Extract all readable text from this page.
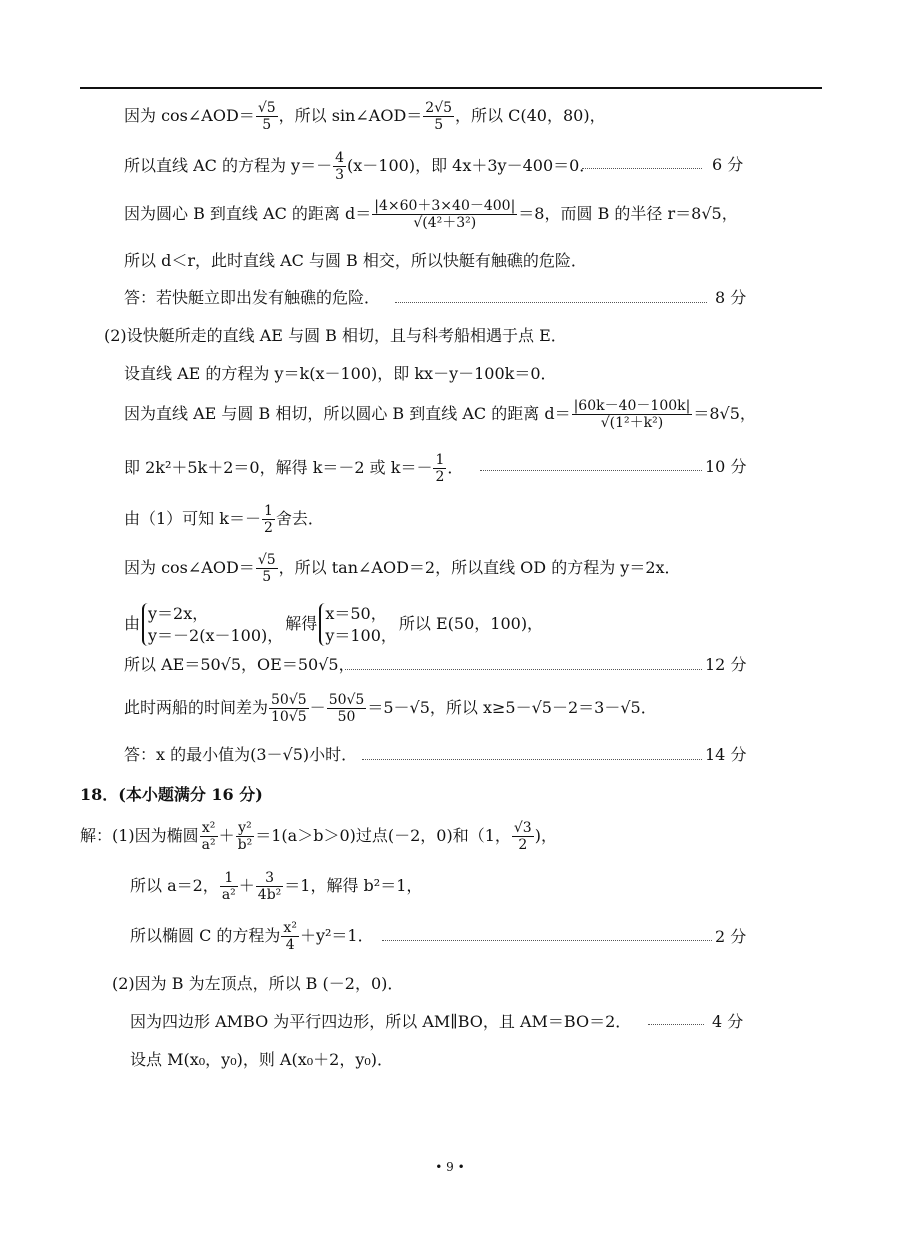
因为 cos∠AOD＝ $\frac{√5}{5}$ ，所以 sin∠AOD＝ $\frac{2√5}{5}$ ，所以 C(40，80)，
所以直线 AC 的方程为 $y=- \frac{4}{3} (x-100)$，即 4x＋3y－400＝0．	6 分
因为圆心 B 到直线 AC 的距离 $d= \frac{|4\times 60+3\times 40-400|}{\text{√(4²＋3²)}} =8$，而圆 B 的半径 r＝8√5，
所以 d＜r，此时直线 AC 与圆 B 相交，所以快艇有触礁的危险．
答：若快艇立即出发有触礁的危险．	8 分
(2)设快艇所走的直线 AE 与圆 B 相切，且与科考船相遇于点 E．
设直线 AE 的方程为 y＝k(x－100)，即 kx－y－100k＝0．
因为直线 AE 与圆 B 相切，所以圆心 B 到直线 AC 的距离 $d= \frac{|60k-40-100k|}{\text{√(1²＋k²)}} =8√5$，
即 2k²＋5k＋2＝0，解得 k＝－2 或 $k=- \frac{1}{2}$ ．	10 分
由（1）可知 $k=- \frac{1}{2}$ 舍去．
因为 cos∠AOD＝ $\frac{√5}{5}$ ，所以 tan∠AOD＝2，所以直线 OD 的方程为 y＝2x．
由
y＝2x，
y＝－2(x－100)，
解得
x＝50，
y＝100，
所以 E(50，100)，
所以 AE＝50√5，OE＝50√5，	12 分
此时两船的时间差为 $\frac{50√5}{10√5} - \frac{50√5}{50} =5-√5$，所以 x≥5－√5－2＝3－√5．
答：x 的最小值为(3－√5)小时．	14 分
18．(本小题满分 16 分)
解：(1)因为椭圆 $\frac{\text{x²}}{\text{a²}} + \frac{\text{y²}}{\text{b²}} =1(a>b>0)$过点(－2，0)和（1， $\frac{√3}{2}$ )，
所以 a＝2， $\frac{1}{\text{a²}} + \frac{3}{\text{4b²}} =1$，解得 b²＝1，
所以椭圆 C 的方程为 $\frac{\text{x²}}{4} +y^2=1$．	2 分
(2)因为 B 为左顶点，所以 B (－2，0)．
因为四边形 AMBO 为平行四边形，所以 AM∥BO，且 AM＝BO＝2．	4 分
设点 M(x₀，y₀)，则 A(x₀＋2，y₀)．
• 9 •
